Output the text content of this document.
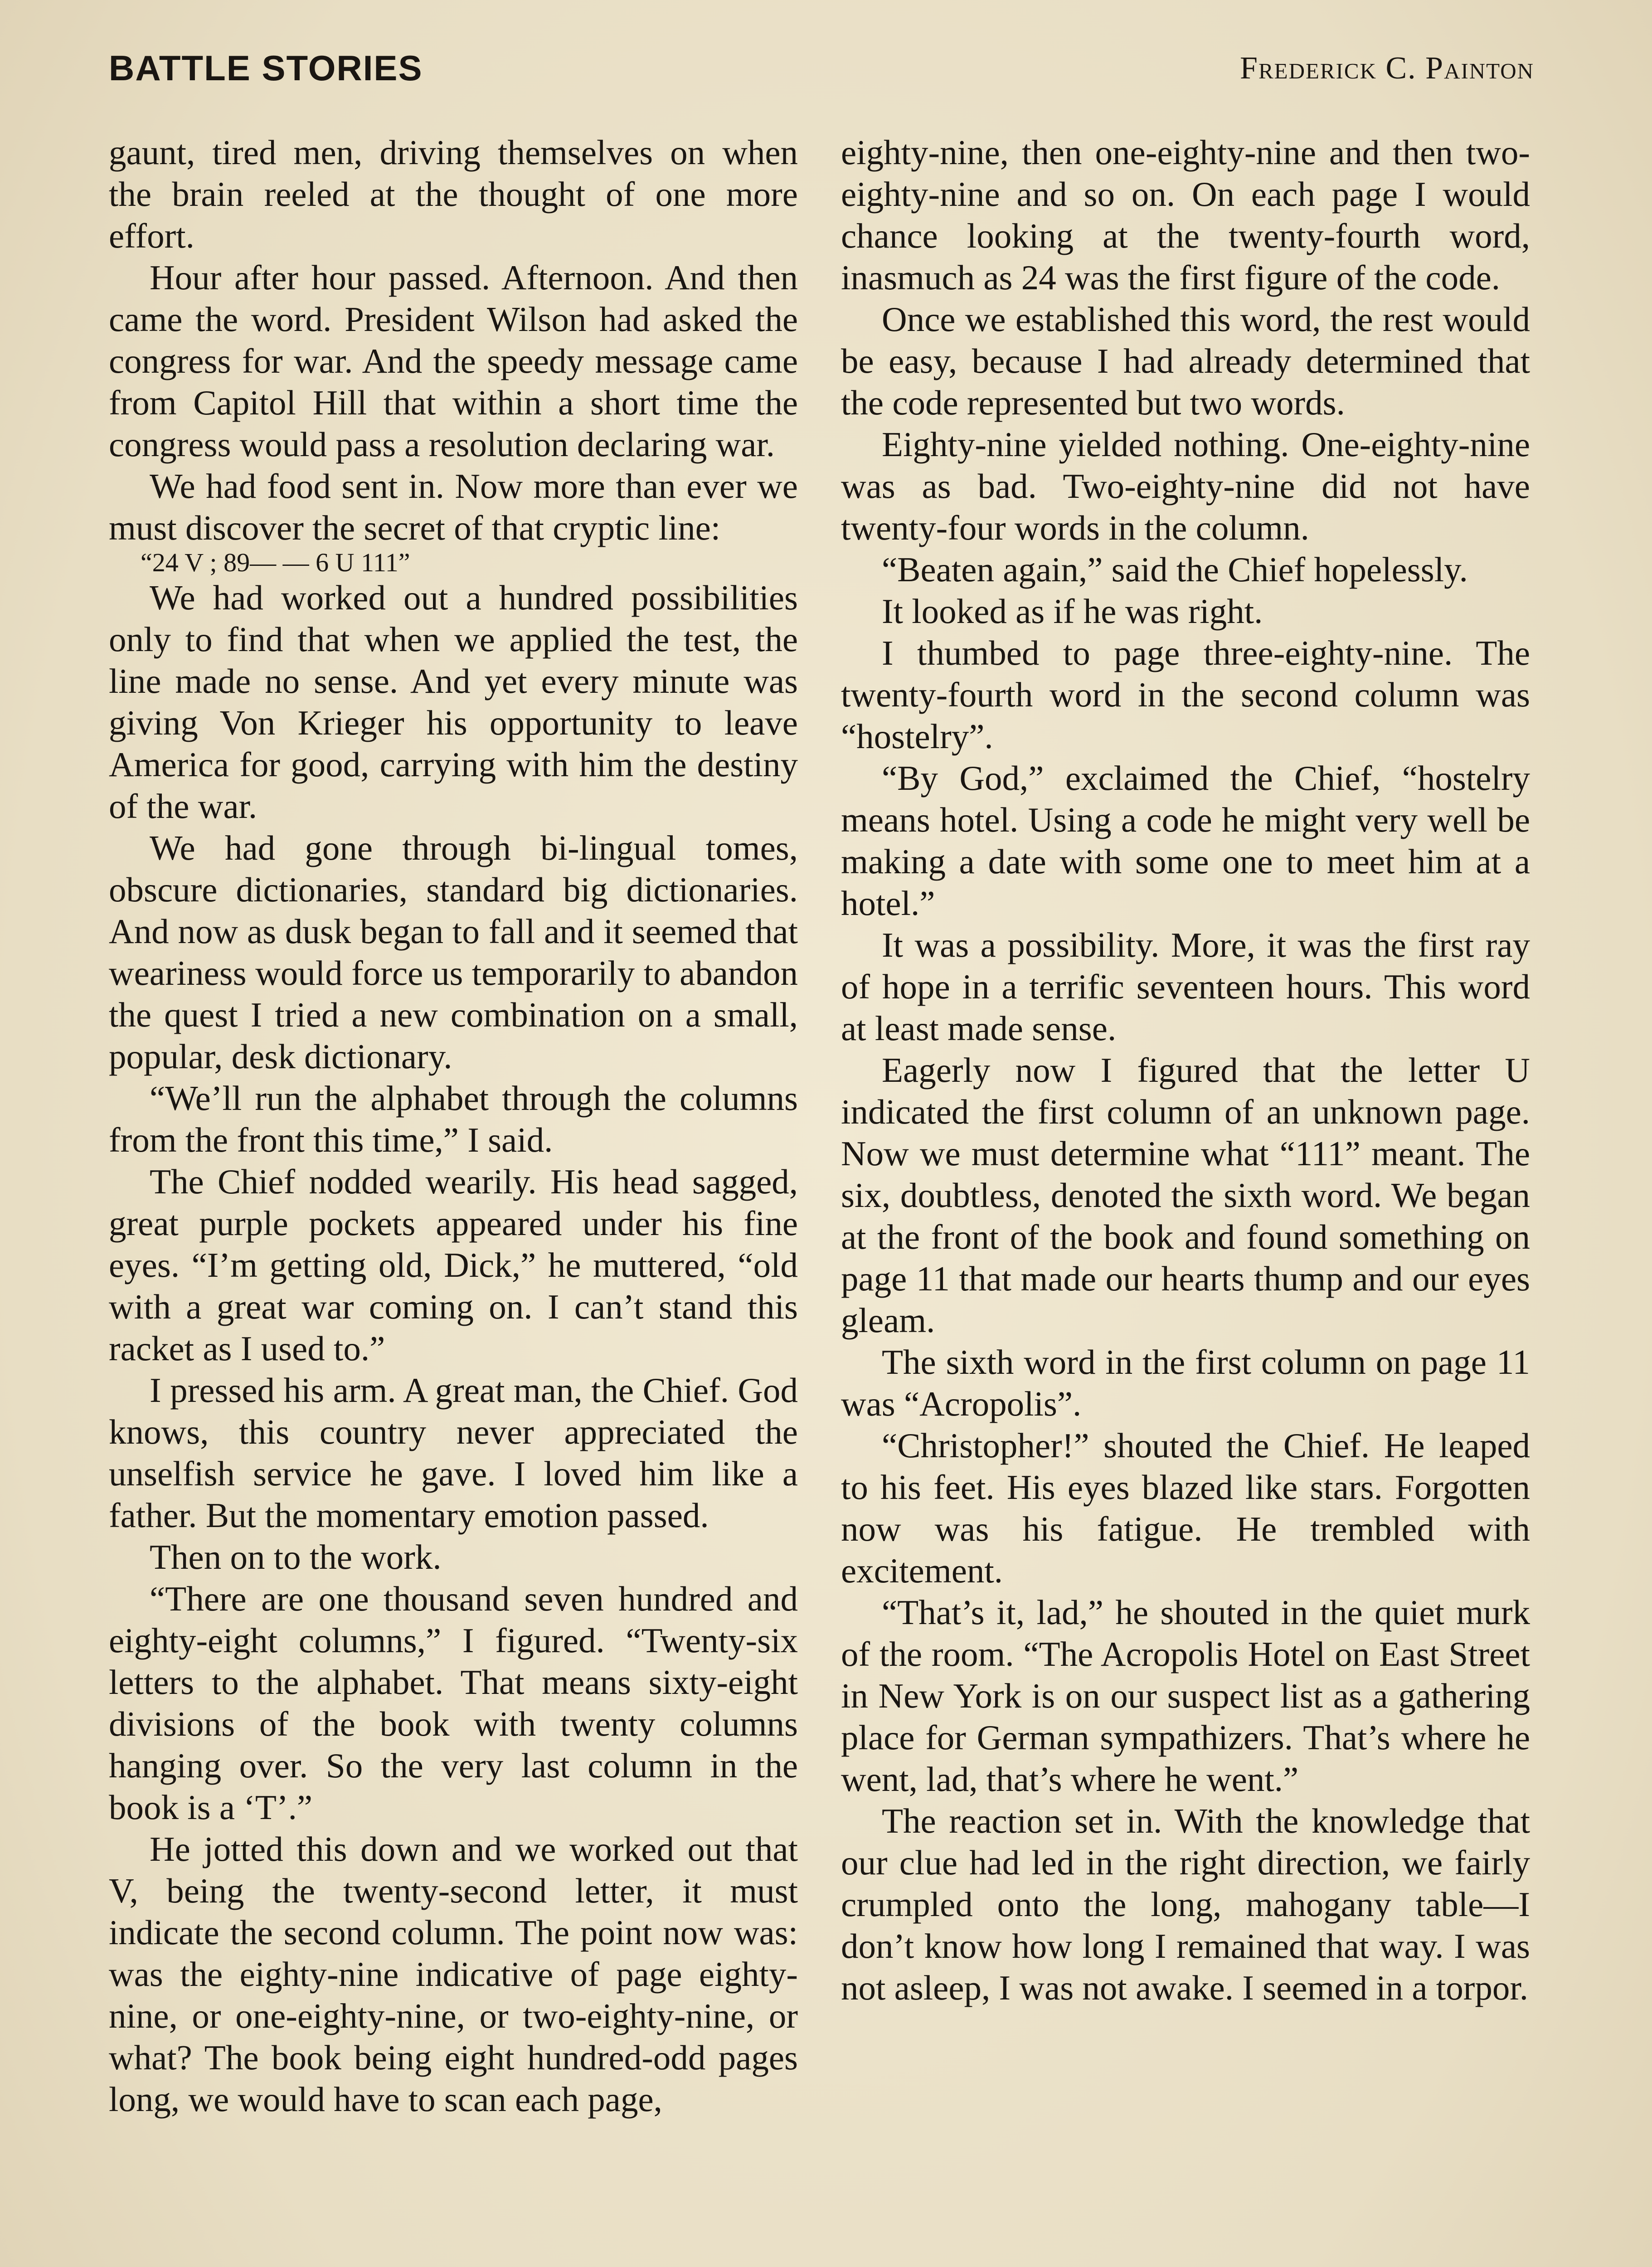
BATTLE STORIES	Frederick C. Painton

gaunt, tired men, driving themselves on when the brain reeled at the thought of one more effort.

Hour after hour passed. Afternoon. And then came the word. President Wilson had asked the congress for war. And the speedy message came from Capitol Hill that within a short time the congress would pass a resolution declaring war.

We had food sent in. Now more than ever we must discover the secret of that cryptic line:

“24 V ; 89— — 6 U 111”

We had worked out a hundred possibilities only to find that when we applied the test, the line made no sense. And yet every minute was giving Von Krieger his opportunity to leave America for good, carrying with him the destiny of the war.

We had gone through bi-lingual tomes, obscure dictionaries, standard big dictionaries. And now as dusk began to fall and it seemed that weariness would force us temporarily to abandon the quest I tried a new combination on a small, popular, desk dictionary.

“We’ll run the alphabet through the columns from the front this time,” I said.

The Chief nodded wearily. His head sagged, great purple pockets appeared under his fine eyes. “I’m getting old, Dick,” he muttered, “old with a great war coming on. I can’t stand this racket as I used to.”

I pressed his arm. A great man, the Chief. God knows, this country never appreciated the unselfish service he gave. I loved him like a father. But the momentary emotion passed.

Then on to the work.

“There are one thousand seven hundred and eighty-eight columns,” I figured. “Twenty-six letters to the alphabet. That means sixty-eight divisions of the book with twenty columns hanging over. So the very last column in the book is a ‘T’.”

He jotted this down and we worked out that V, being the twenty-second letter, it must indicate the second column. The point now was: was the eighty-nine indicative of page eighty-nine, or one-eighty-nine, or two-eighty-nine, or what? The book being eight hundred-odd pages long, we would have to scan each page,

eighty-nine, then one-eighty-nine and then two-eighty-nine and so on. On each page I would chance looking at the twenty-fourth word, inasmuch as 24 was the first figure of the code.

Once we established this word, the rest would be easy, because I had already determined that the code represented but two words.

Eighty-nine yielded nothing. One-eighty-nine was as bad. Two-eighty-nine did not have twenty-four words in the column.

“Beaten again,” said the Chief hopelessly.

It looked as if he was right.

I thumbed to page three-eighty-nine. The twenty-fourth word in the second column was “hostelry”.

“By God,” exclaimed the Chief, “hostelry means hotel. Using a code he might very well be making a date with some one to meet him at a hotel.”

It was a possibility. More, it was the first ray of hope in a terrific seventeen hours. This word at least made sense.

Eagerly now I figured that the letter U indicated the first column of an unknown page. Now we must determine what “111” meant. The six, doubtless, denoted the sixth word. We began at the front of the book and found something on page 11 that made our hearts thump and our eyes gleam.

The sixth word in the first column on page 11 was “Acropolis”.

“Christopher!” shouted the Chief. He leaped to his feet. His eyes blazed like stars. Forgotten now was his fatigue. He trembled with excitement.

“That’s it, lad,” he shouted in the quiet murk of the room. “The Acropolis Hotel on East Street in New York is on our suspect list as a gathering place for German sympathizers. That’s where he went, lad, that’s where he went.”

The reaction set in. With the knowledge that our clue had led in the right direction, we fairly crumpled onto the long, mahogany table—I don’t know how long I remained that way. I was not asleep, I was not awake. I seemed in a torpor.
